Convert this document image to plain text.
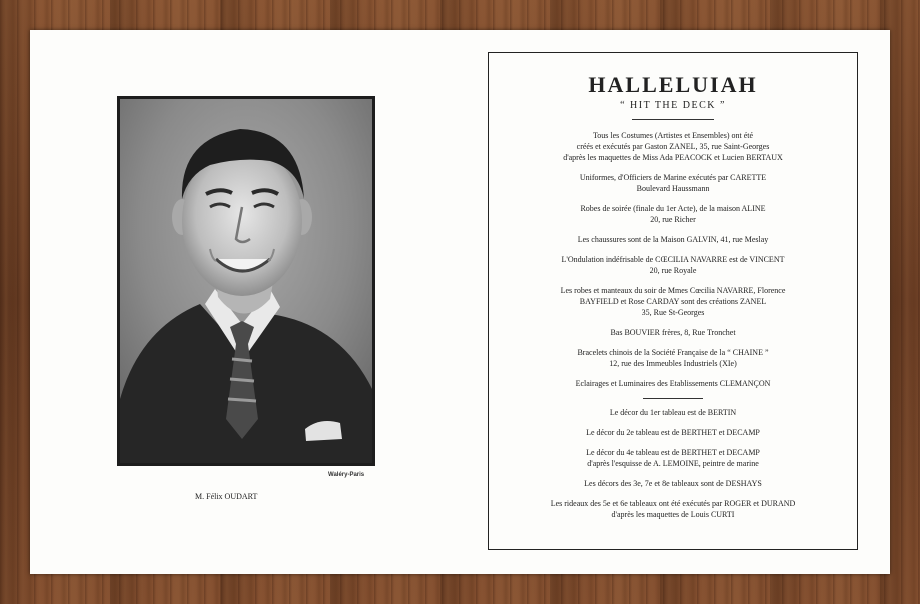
Waléry-Paris
M. Félix OUDART
HALLELUIAH
“ HIT THE DECK ”
Tous les Costumes (Artistes et Ensembles) ont été
créés et exécutés par Gaston ZANEL, 35, rue Saint-Georges
d'après les maquettes de Miss Ada PEACOCK et Lucien BERTAUX
Uniformes, d'Officiers de Marine exécutés par CARETTE
Boulevard Haussmann
Robes de soirée (finale du 1er Acte), de la maison ALINE
20, rue Richer
Les chaussures sont de la Maison GALVIN, 41, rue Meslay
L'Ondulation indéfrisable de CŒCILIA NAVARRE est de VINCENT
20, rue Royale
Les robes et manteaux du soir de Mmes Cœcilia NAVARRE, Florence
BAYFIELD et Rose CARDAY sont des créations ZANEL
35, Rue St-Georges
Bas BOUVIER frères, 8, Rue Tronchet
Bracelets chinois de la Société Française de la “ CHAINE ”
12, rue des Immeubles Industriels (XIe)
Eclairages et Luminaires des Etablissements CLEMANÇON
Le décor du 1er tableau est de BERTIN
Le décor du 2e tableau est de BERTHET et DECAMP
Le décor du 4e tableau est de BERTHET et DECAMP
d'après l'esquisse de A. LEMOINE, peintre de marine
Les décors des 3e, 7e et 8e tableaux sont de DESHAYS
Les rideaux des 5e et 6e tableaux ont été exécutés par ROGER et DURAND
d'après les maquettes de Louis CURTI
